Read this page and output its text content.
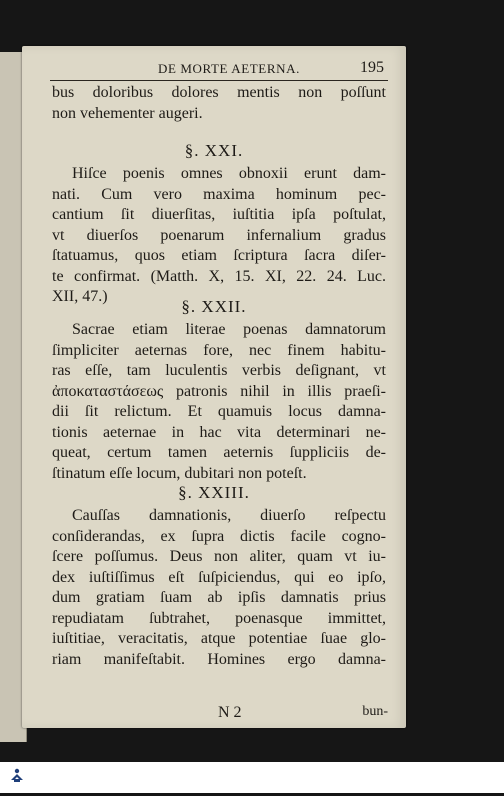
DE MORTE AETERNA.	195
bus doloribus dolores mentis non poſſunt
non vehementer augeri.
§. XXI.
Hiſce poenis omnes obnoxii erunt dam-
nati. Cum vero maxima hominum pec-
cantium ſit diuerſitas, iuſtitia ipſa poſtulat,
vt diuerſos poenarum infernalium gradus
ſtatuamus, quos etiam ſcriptura ſacra diſer-
te confirmat. (Matth. X, 15. XI, 22. 24. Luc.
XII, 47.)
§. XXII.
Sacrae etiam literae poenas damnatorum
ſimpliciter aeternas fore, nec finem habitu-
ras eſſe, tam luculentis verbis deſignant, vt
ἀποκαταστάσεως patronis nihil in illis praeſi-
dii ſit relictum. Et quamuis locus damna-
tionis aeternae in hac vita determinari ne-
queat, certum tamen aeternis ſuppliciis de-
ſtinatum eſſe locum, dubitari non poteſt.
§. XXIII.
Cauſſas damnationis, diuerſo reſpectu
conſiderandas, ex ſupra dictis facile cogno-
ſcere poſſumus. Deus non aliter, quam vt iu-
dex iuſtiſſimus eſt ſuſpiciendus, qui eo ipſo,
dum gratiam ſuam ab ipſis damnatis prius
repudiatam ſubtrahet, poenasque immittet,
iuſtitiae, veracitatis, atque potentiae ſuae glo-
riam manifeſtabit. Homines ergo damna-
N 2	bun-
